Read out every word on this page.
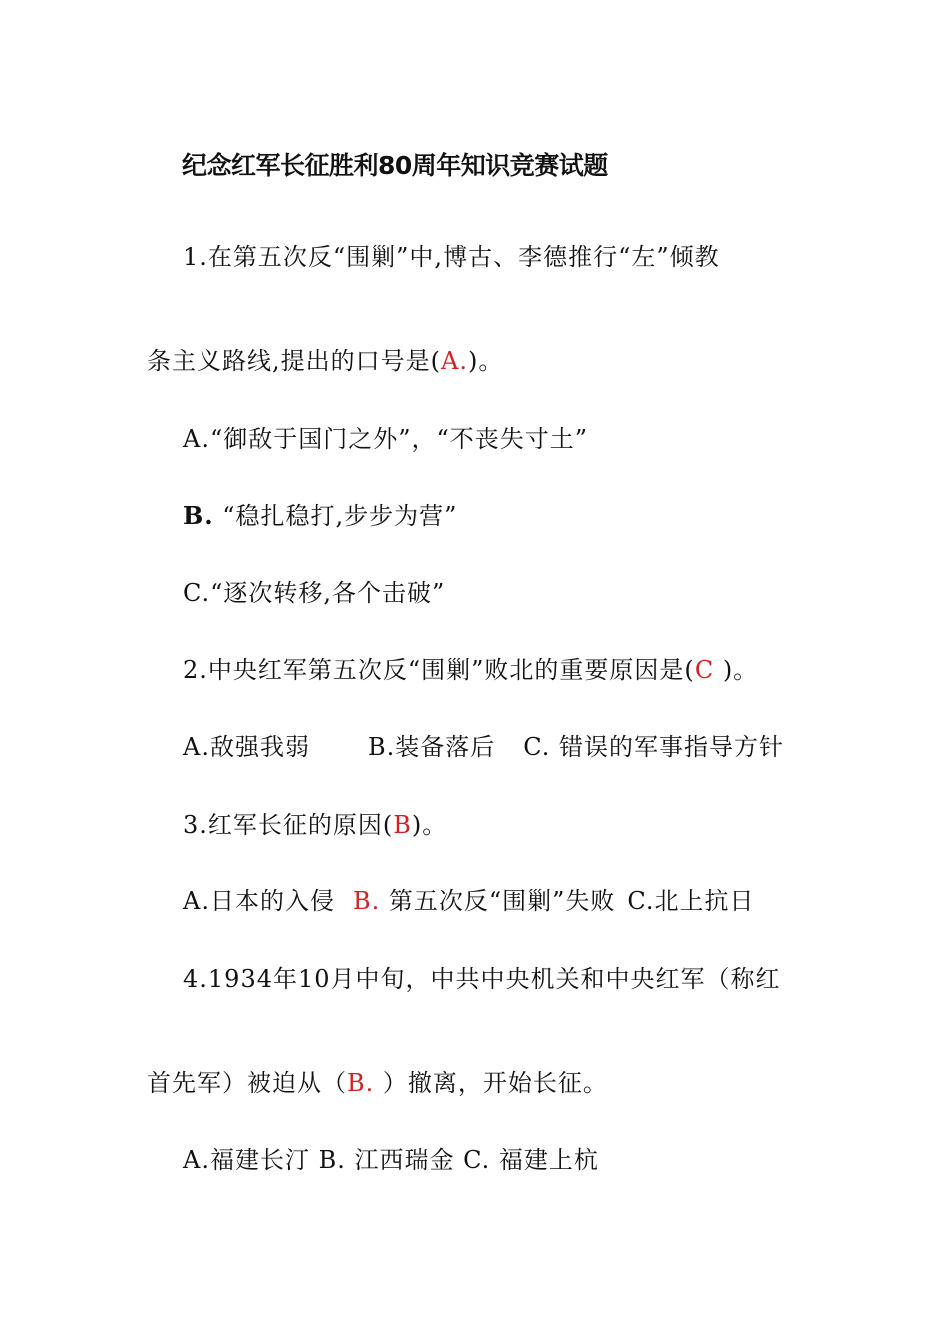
纪念红军长征胜利80周年知识竞赛试题
1.在第五次反“围剿”中,博古、李德推行“左”倾教
条主义路线,提出的口号是(A.)。
A.“御敌于国门之外”，“不丧失寸土”
B. “稳扎稳打,步步为营”
C.“逐次转移,各个击破”
2.中央红军第五次反“围剿”败北的重要原因是(C )。
A.敌强我弱 B.装备落后 C. 错误的军事指导方针
3.红军长征的原因(B)。
A.日本的入侵 B. 第五次反“围剿”失败 C.北上抗日
4.1934年10月中旬，中共中央机关和中央红军（称红
首先军）被迫从（B. ）撤离，开始长征。
A.福建长汀 B. 江西瑞金 C. 福建上杭
